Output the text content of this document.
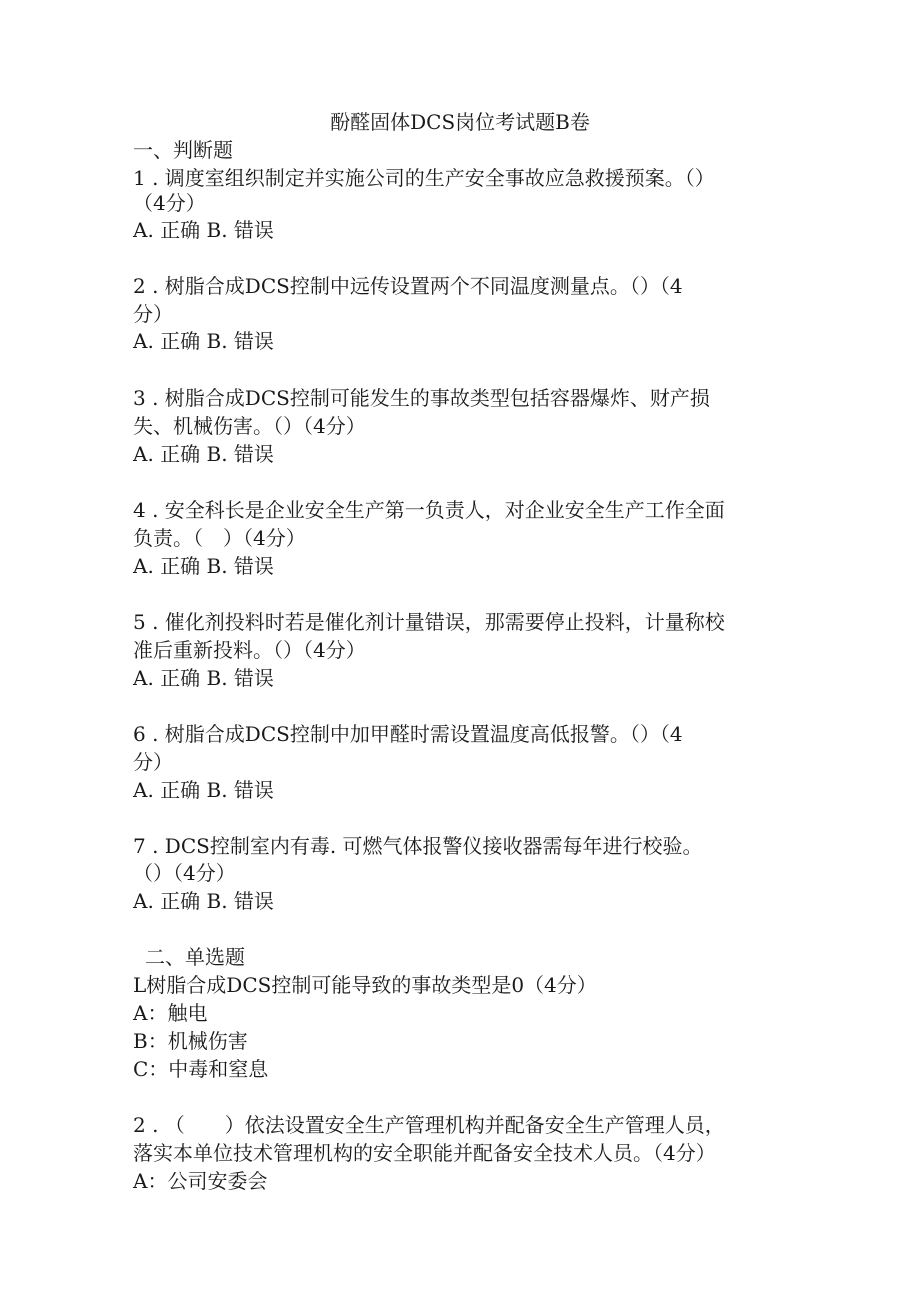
酚醛固体DCS岗位考试题B卷
一、判断题
1 . 调度室组织制定并实施公司的生产安全事故应急救援预案。（）
（4分）
A. 正确 B. 错误
2 . 树脂合成DCS控制中远传设置两个不同温度测量点。（）（4
分）
A. 正确 B. 错误
3 . 树脂合成DCS控制可能发生的事故类型包括容器爆炸、财产损
失、机械伤害。（）（4分）
A. 正确 B. 错误
4 . 安全科长是企业安全生产第一负责人，对企业安全生产工作全面
负责。（　）（4分）
A. 正确 B. 错误
5 . 催化剂投料时若是催化剂计量错误，那需要停止投料，计量称校
准后重新投料。（）（4分）
A. 正确 B. 错误
6 . 树脂合成DCS控制中加甲醛时需设置温度高低报警。（）（4
分）
A. 正确 B. 错误
7 . DCS控制室内有毒. 可燃气体报警仪接收器需每年进行校验。
（）（4分）
A. 正确 B. 错误
二、单选题
L树脂合成DCS控制可能导致的事故类型是0（4分）
A：触电
B：机械伤害
C：中毒和窒息
2 . （　　）依法设置安全生产管理机构并配备安全生产管理人员，
落实本单位技术管理机构的安全职能并配备安全技术人员。（4分）
A：公司安委会
